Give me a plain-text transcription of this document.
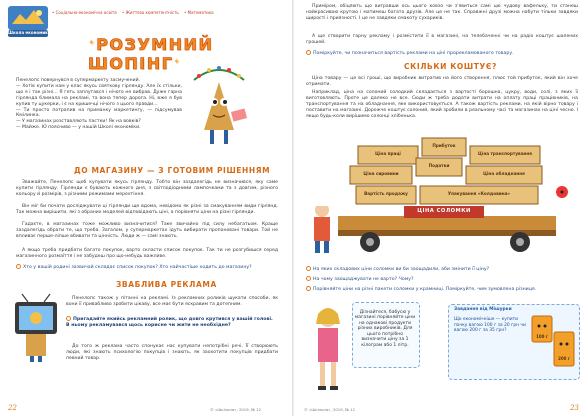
Школа економики
• Соціально-економічна освіта • Життєва компетентність • Математика
✦ РОЗУМНИЙ ШОПІНГ ✦

Пенелопс повернувся в супермаркету засмучений.
— Хотів купити нам у клас якусь святкову гірлянду. Але їх стільки, що я і так різні… Я геть заплутався і нічого не вибрав. Дуже гарна гірлянда блимала на рекламі, та вона тепер дорога. Ні, вже я був купив ту цукерки, і є на кришечці нічого з цього правди…
— Ти просто потрапив на приманку маркетингу, — підсумував Кмілинка.
— У магазинах розставляють пастки! Як на вовків?
— Майже. Ю поясниво — у нашій Школі економіки.

ДО МАГАЗИНУ — З ГОТОВИМ РІШЕННЯМ

Зважайте, Пенелопс щоб купувати якусь гірлянду. Тобто він заздалегідь не визначився, яку саме купити гірлянду. Гірлянди є бувають кожного дня, з світлодіодними лампочками та з довгим, різного кольору й розмірів, з різними режимами мерехтіння.

Він міг би почати досліджувати ці гірлянди ще вдома, невідомо як різні за смакуванням види гірлянд. Так можна вирішити, які з обраних моделей відповідають ціні, а порівняти ціни на різні гірлянди.

Гадаєте, в магазинах тоже можливо визначитися? Таке звичайно під силу небагатьом. Краще заздалегідь обрати те, що треба. Загалом, у супермаркетах ідуть вибирати пропоновані товари. Той не впливає перше-ліпше вбивати та цінність. Люди ж — самі знають.

А якщо треба придбати багато покупок, варто скласти список покупок. Так ти не розгубишся серед магазинного розмаїття і не забудеш про що-небудь важливе.

Хто у вашій родині зазвичай складає список покупок? Хто найчастіше ходить до магазину?

ЗВАБЛИВА РЕКЛАМА

Пенелопс також у пітанні на рекламі. Із рекламних роликів шукати способи, як вони її привабливо зробити цікаву, все має бути яскравим та дотепним.

Пригадайте якийсь рекламний ролик, що довго крутився у вашій голові. В ньому рекламувався щось корисне чи жити не необхідне?

До того ж реклама часто спонукає нас купувати непотрібні речі. Її створюють люди, які знають психологію покупців і знають, як заохотити покупців придбати певний товар.

22	© «Шкільна», 2019, № 12

Приміром, обіцяють що вигравши ось цього ковзо чи з'явиться самі цю чудову вафельку, ти станеш найкрасивою крутою і матимеш багато друзів. Але це не так. Справжні друзі можна набути тільки завдяки щирості і приязності. І це не завдяки смакоту сухариків.

А ще створити гарну рекламу і розмістити її в магазині, на телебаченні чи на радіо коштує шалених грошей.

Поміркуйте, чи позначиться вартість реклами на ціні прорекламованого товару.

СКІЛЬКИ КОШТУЄ?

Ціна товару — це всі гроші, що виробник витратив на його створення, плюс той прибуток, який він хоче отримати.

Наприклад, ціна на солоний солодкий складається з вартості борошна, цукру, води, солі, з яких її виготовляють. Проте це далеко не все. Сюди ж треба додати витрати на оплату праці працівників, на транспортування та на обладнання, яке використовується. А також вартість реклами, на якій вірно товару і поставити на магазині. Дорожче коштує солоний, який зробили в реальному часі та магазинах на ціні чесно. І якщо будь-коли вирішимо солонці хлібенька.

Ціна праці
Прибуток
Ціна транспортування
Ціна сировини
Податки
Ціна обладнання
Вартість продажу	Упакування «Колдовина»
ЦІНА СОЛОМКИ

На яких складових ціни соломки ви би заощадили, аби змінити її ціну?

На чому заощаджувати не варто? Чому?

Порівняйте ціни на різні пакети соломки у крамниці. Поміркуйте, чим зумовлена різниця.

Дізнайтеся, бабусю у магазині порівняйте ціни на однакові продукти різних виробників. Для цього потрібно визначити ціну за 1 кілограм або 1 літр.

Завдання від Мішурки
Що економічніше — купити пачку вагою 100 г за 20 грн чи вагою 200 г за 35 грн?
100 г
200 г
© «Шкільна», 2019, № 12	23
